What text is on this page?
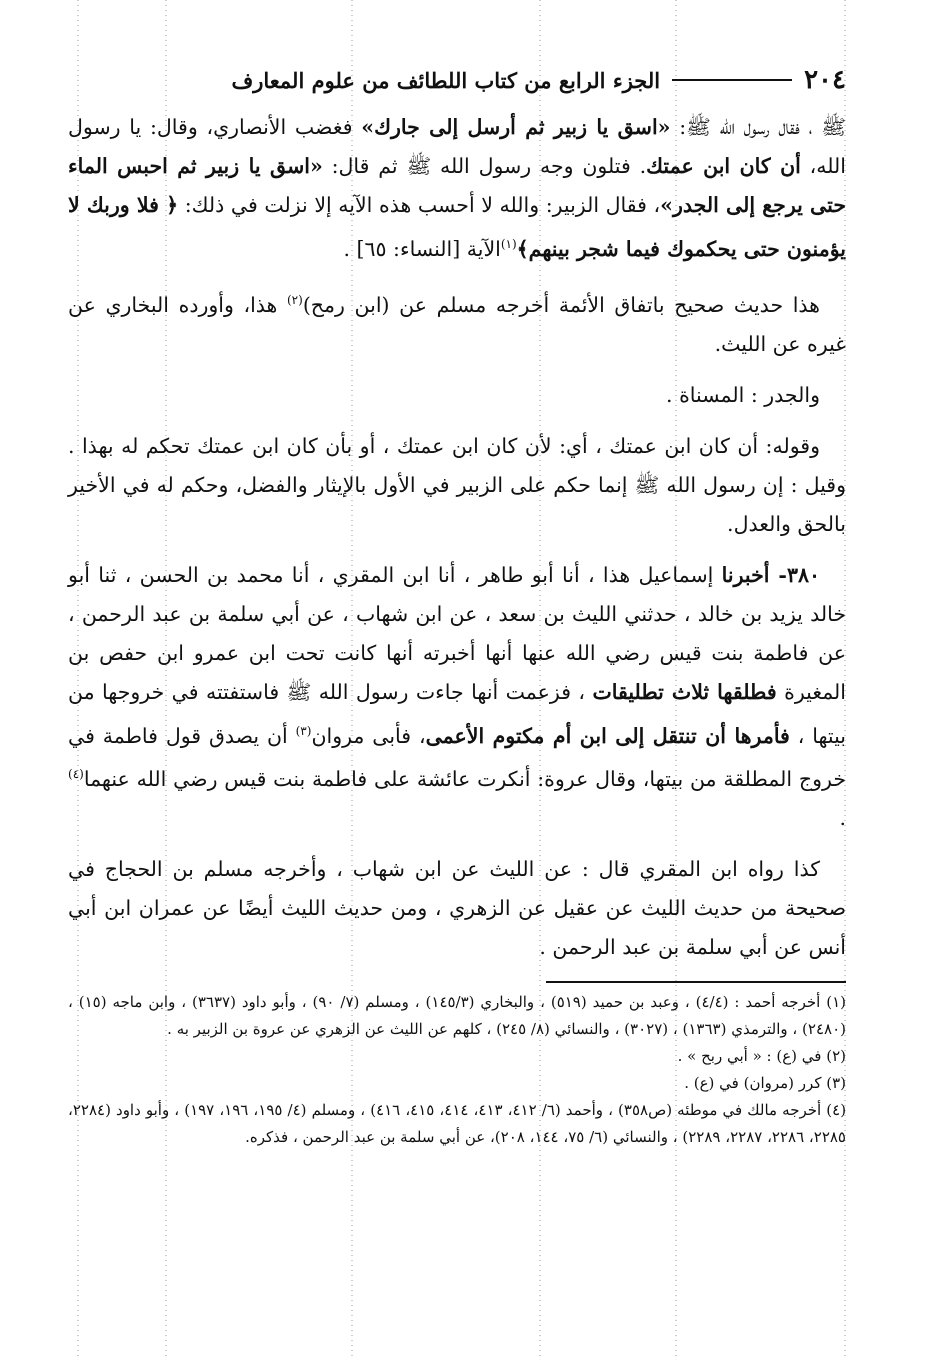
٢٠٤
الجزء الرابع من كتاب اللطائف من علوم المعارف

ﷺ ، فقال رسول الله ﷺ: «اسق يا زبير ثم أرسل إلى جارك» فغضب الأنصاري، وقال: يا رسول الله، أن كان ابن عمتك. فتلون وجه رسول الله ﷺ ثم قال: «اسق يا زبير ثم احبس الماء حتى يرجع إلى الجدر»، فقال الزبير: والله لا أحسب هذه الآيه إلا نزلت في ذلك: ﴿ فلا وربك لا يؤمنون حتى يحكموك فيما شجر بينهم﴾$^{(١)}$الآية [النساء: ٦٥] .

هذا حديث صحيح باتفاق الأئمة أخرجه مسلم عن (ابن رمح)$^{(٢)}$ هذا، وأورده البخاري عن غيره عن الليث.

والجدر : المسناة .

وقوله: أن كان ابن عمتك ، أي: لأن كان ابن عمتك ، أو بأن كان ابن عمتك تحكم له بهذا . وقيل : إن رسول الله ﷺ إنما حكم على الزبير في الأول بالإيثار والفضل، وحكم له في الأخير بالحق والعدل.

٣٨٠- أخبرنا إسماعيل هذا ، أنا أبو طاهر ، أنا ابن المقري ، أنا محمد بن الحسن ، ثنا أبو خالد يزيد بن خالد ، حدثني الليث بن سعد ، عن ابن شهاب ، عن أبي سلمة بن عبد الرحمن ، عن فاطمة بنت قيس رضي الله عنها أنها أخبرته أنها كانت تحت ابن عمرو ابن حفص بن المغيرة فطلقها ثلاث تطليقات ، فزعمت أنها جاءت رسول الله ﷺ فاستفتته في خروجها من بيتها ، فأمرها أن تنتقل إلى ابن أم مكتوم الأعمى، فأبى مروان$^{(٣)}$ أن يصدق قول فاطمة في خروج المطلقة من بيتها، وقال عروة: أنكرت عائشة على فاطمة بنت قيس رضي الله عنهما$^{(٤)}$ .

كذا رواه ابن المقري قال : عن الليث عن ابن شهاب ، وأخرجه مسلم بن الحجاج في صحيحة من حديث الليث عن عقيل عن الزهري ، ومن حديث الليث أيضًا عن عمران ابن أبي أنس عن أبي سلمة بن عبد الرحمن .

(١) أخرجه أحمد : (٤/٤) ، وعبد بن حميد (٥١٩) ، والبخاري (١٤٥/٣) ، ومسلم (٧/ ٩٠) ، وأبو داود (٣٦٣٧) ، وابن ماجه (١٥) ، (٢٤٨٠) ، والترمذي (١٣٦٣) ، (٣٠٢٧) ، والنسائي (٨/ ٢٤٥) ، كلهم عن الليث عن الزهري عن عروة بن الزبير به .

(٢) في (ع) : « أبي ربح » .

(٣) كرر (مروان) في (ع) .

(٤) أخرجه مالك في موطئه (ص٣٥٨) ، وأحمد (٦/ ٤١٢، ٤١٣، ٤١٤، ٤١٥، ٤١٦) ، ومسلم (٤/ ١٩٥، ١٩٦، ١٩٧) ، وأبو داود (٢٢٨٤، ٢٢٨٥، ٢٢٨٦، ٢٢٨٧، ٢٢٨٩) ، والنسائي (٦/ ٧٥، ١٤٤، ٢٠٨)، عن أبي سلمة بن عبد الرحمن ، فذكره.
